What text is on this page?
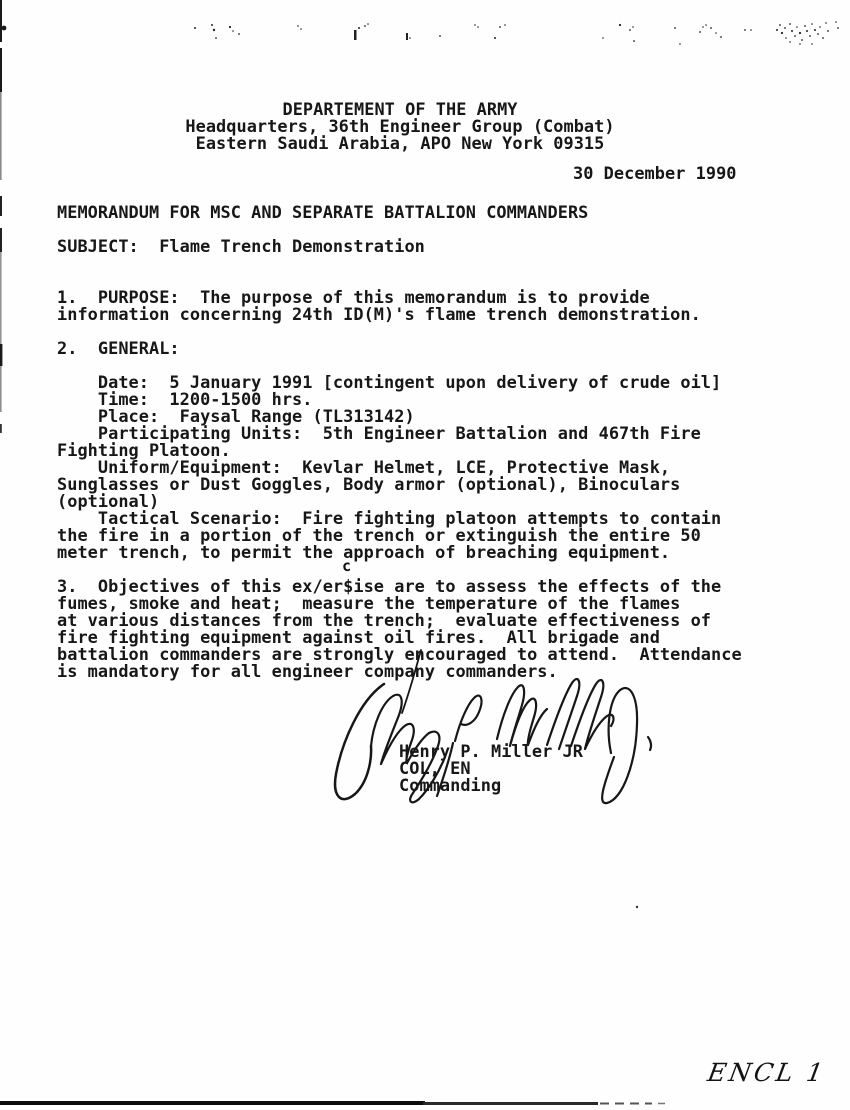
DEPARTEMENT OF THE ARMY
Headquarters, 36th Engineer Group (Combat)
Eastern Saudi Arabia, APO New York 09315
30 December 1990
MEMORANDUM FOR MSC AND SEPARATE BATTALION COMMANDERS
SUBJECT:  Flame Trench Demonstration
1.  PURPOSE:  The purpose of this memorandum is to provide
information concerning 24th ID(M)'s flame trench demonstration.
2.  GENERAL:
Date:  5 January 1991 [contingent upon delivery of crude oil]
Time:  1200-1500 hrs.
Place:  Faysal Range (TL313142)
Participating Units:  5th Engineer Battalion and 467th Fire
Fighting Platoon.
Uniform/Equipment:  Kevlar Helmet, LCE, Protective Mask,
Sunglasses or Dust Goggles, Body armor (optional), Binoculars
(optional)
Tactical Scenario:  Fire fighting platoon attempts to contain
the fire in a portion of the trench or extinguish the entire 50
meter trench, to permit the approach of breaching equipment.
3.  Objectives of this ex/er$ise are to assess the effects of the
fumes, smoke and heat;  measure the temperature of the flames
at various distances from the trench;  evaluate effectiveness of
fire fighting equipment against oil fires.  All brigade and
battalion commanders are strongly encouraged to attend.  Attendance
is mandatory for all engineer company commanders.
c
Henry P. Miller JR
COL, EN
Commanding
ENCL 1
